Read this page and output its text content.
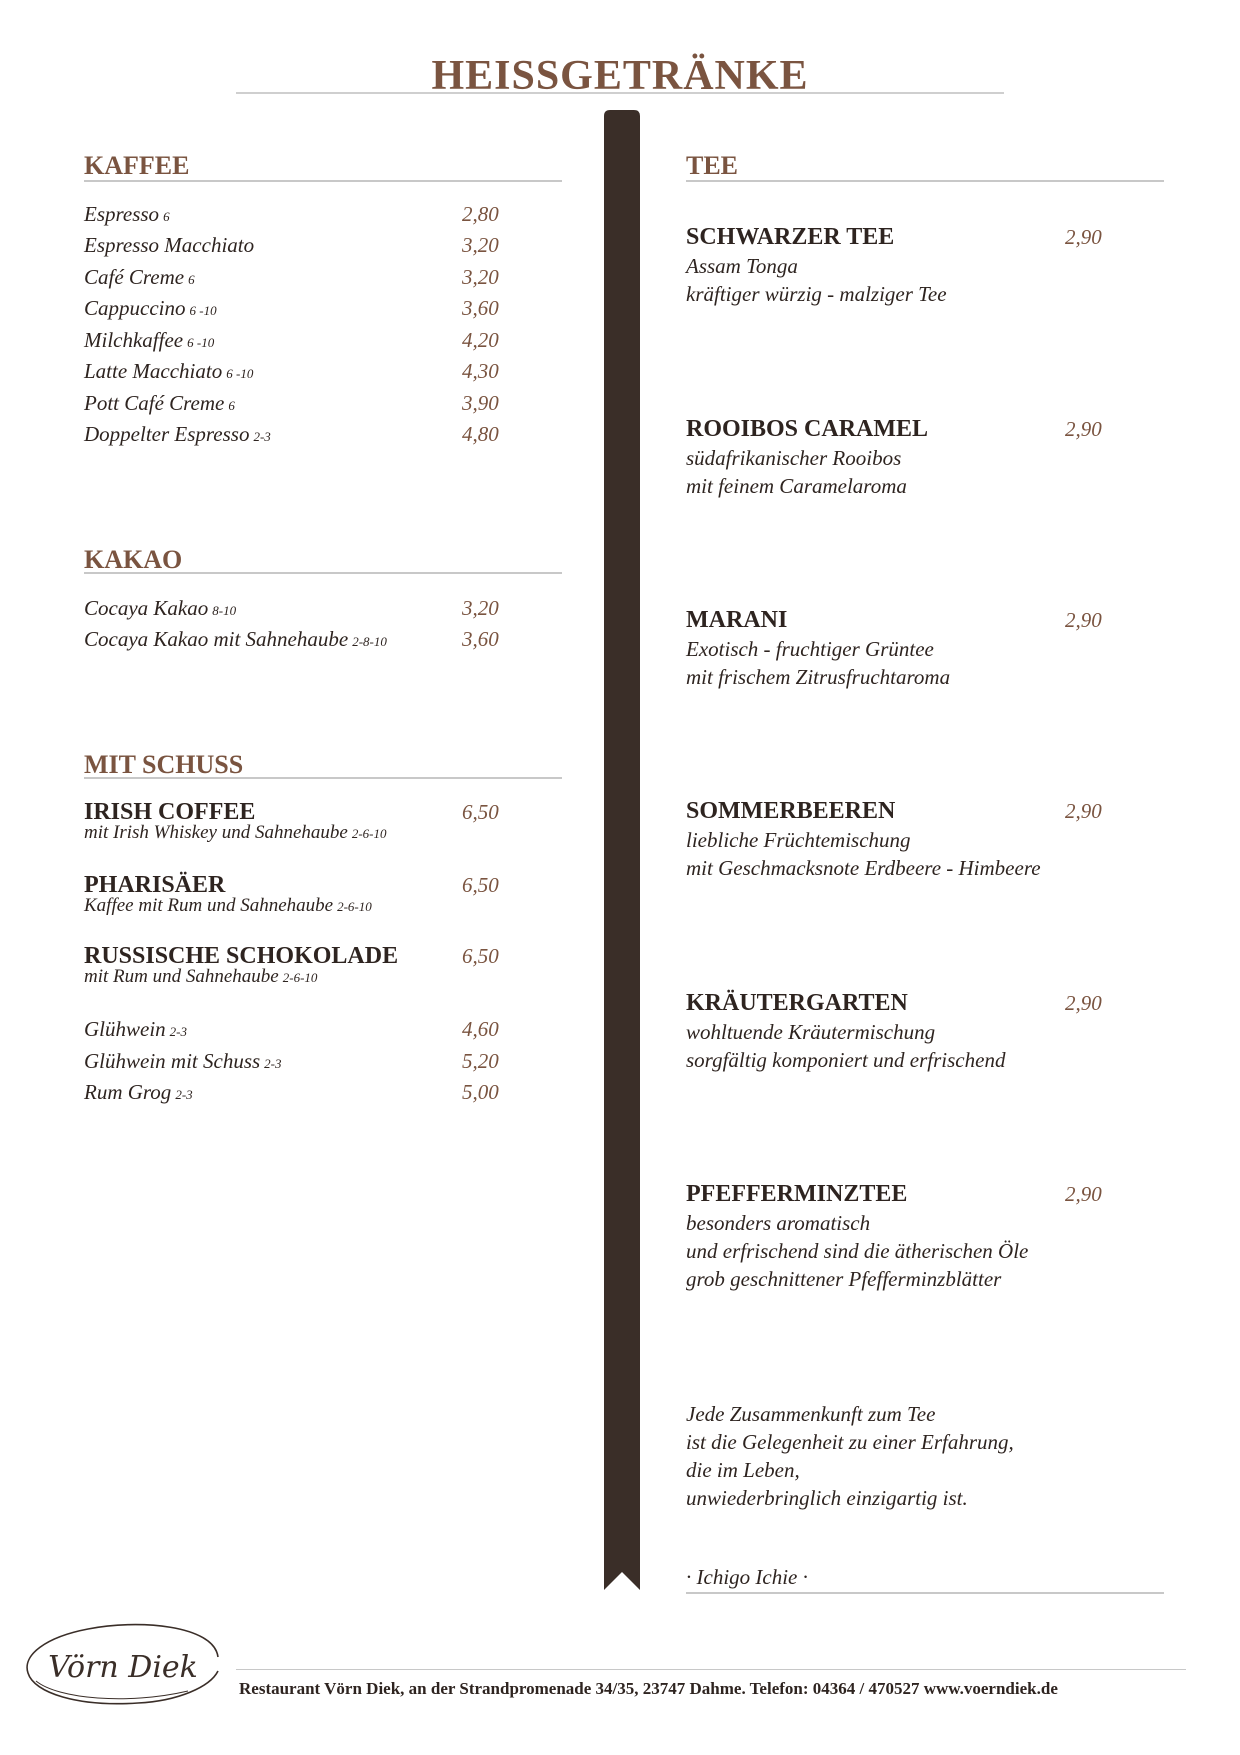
HEISSGETRÄNKE
KAFFEE
Espresso 6	2,80
Espresso Macchiato	3,20
Café Creme 6	3,20
Cappuccino 6 -10	3,60
Milchkaffee 6 -10	4,20
Latte Macchiato 6 -10	4,30
Pott Café Creme 6	3,90
Doppelter Espresso 2-3	4,80
KAKAO
Cocaya Kakao 8-10	3,20
Cocaya Kakao mit Sahnehaube 2-8-10	3,60
MIT SCHUSS
IRISH COFFEE	6,50
mit Irish Whiskey und Sahnehaube 2-6-10
PHARISÄER	6,50
Kaffee mit Rum und Sahnehaube 2-6-10
RUSSISCHE SCHOKOLADE	6,50
mit Rum und Sahnehaube 2-6-10
Glühwein 2-3	4,60
Glühwein mit Schuss 2-3	5,20
Rum Grog 2-3	5,00
TEE
SCHWARZER TEE	2,90
Assam Tonga
kräftiger würzig - malziger Tee
ROOIBOS CARAMEL	2,90
südafrikanischer Rooibos
mit feinem Caramelaroma
MARANI	2,90
Exotisch - fruchtiger Grüntee
mit frischem Zitrusfruchtaroma
SOMMERBEEREN	2,90
liebliche Früchtemischung
mit Geschmacksnote Erdbeere - Himbeere
KRÄUTERGARTEN	2,90
wohltuende Kräutermischung
sorgfältig komponiert und erfrischend
PFEFFERMINZTEE	2,90
besonders aromatisch
und erfrischend sind die ätherischen Öle
grob geschnittener Pfefferminzblätter
Jede Zusammenkunft zum Tee
ist die Gelegenheit zu einer Erfahrung,
die im Leben,
unwiederbringlich einzigartig ist.
· Ichigo Ichie ·
Vörn Diek
Restaurant Vörn Diek, an der Strandpromenade 34/35, 23747 Dahme. Telefon: 04364 / 470527 www.voerndiek.de
